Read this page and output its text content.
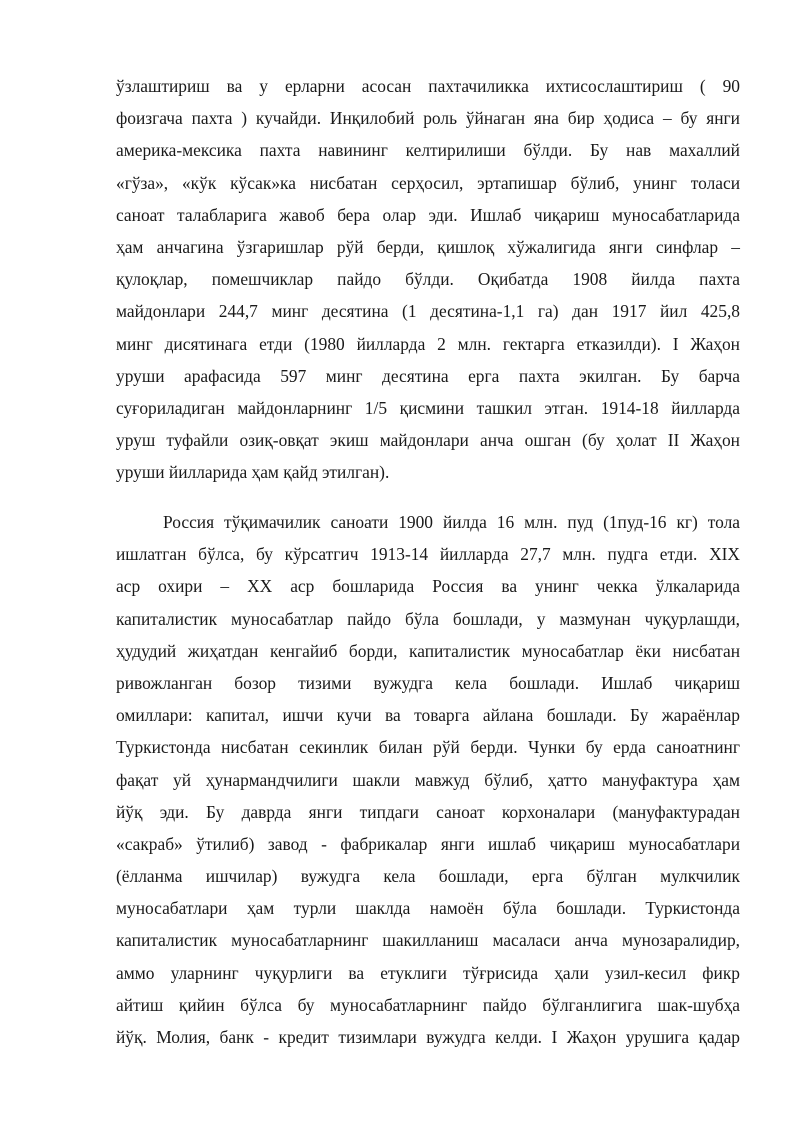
ўзлаштириш ва у ерларни асосан пахтачиликка ихтисослаштириш ( 90
фоизгача пахта ) кучайди. Инқилобий роль ўйнаган яна бир ҳодиса – бу янги
америка-мексика пахта навининг келтирилиши бўлди. Бу нав махаллий
«гўза», «кўк кўсак»ка нисбатан серҳосил, эртапишар бўлиб, унинг толаси
саноат талабларига жавоб бера олар эди. Ишлаб чиқариш муносабатларида
ҳам анчагина ўзгаришлар рўй берди, қишлоқ хўжалигида янги синфлар –
қулоқлар, помешчиклар пайдо бўлди. Оқибатда 1908 йилда пахта
майдонлари 244,7 минг десятина (1 десятина-1,1 га) дан 1917 йил 425,8
минг дисятинага етди (1980 йилларда 2 млн. гектарга етказилди). I Жаҳон
уруши арафасида 597 минг десятина ерга пахта экилган. Бу барча
суғориладиган майдонларнинг 1/5 қисмини ташкил этган. 1914-18 йилларда
уруш туфайли озиқ-овқат экиш майдонлари анча ошган (бу ҳолат II Жаҳон
уруши йилларида ҳам қайд этилган).
Россия тўқимачилик саноати 1900 йилда 16 млн. пуд (1пуд-16 кг) тола
ишлатган бўлса, бу кўрсатгич 1913-14 йилларда 27,7 млн. пудга етди. XIX
аср охири – XX аср бошларида Россия ва унинг чекка ўлкаларида
капиталистик муносабатлар пайдо бўла бошлади, у мазмунан чуқурлашди,
ҳудудий жиҳатдан кенгайиб борди, капиталистик муносабатлар ёки нисбатан
ривожланган бозор тизими вужудга кела бошлади. Ишлаб чиқариш
омиллари: капитал, ишчи кучи ва товарга айлана бошлади. Бу жараёнлар
Туркистонда нисбатан секинлик билан рўй берди. Чунки бу ерда саноатнинг
фақат уй ҳунармандчилиги шакли мавжуд бўлиб, ҳатто мануфактура ҳам
йўқ эди. Бу даврда янги типдаги саноат корхоналари (мануфактурадан
«сакраб» ўтилиб) завод - фабрикалар янги ишлаб чиқариш муносабатлари
(ёлланма ишчилар) вужудга кела бошлади, ерга бўлган мулкчилик
муносабатлари ҳам турли шаклда намоён бўла бошлади. Туркистонда
капиталистик муносабатларнинг шакилланиш масаласи анча мунозаралидир,
аммо уларнинг чуқурлиги ва етуклиги тўғрисида ҳали узил-кесил фикр
айтиш қийин бўлса бу муносабатларнинг пайдо бўлганлигига шак-шубҳа
йўқ. Молия, банк - кредит тизимлари вужудга келди. I Жаҳон урушига қадар
